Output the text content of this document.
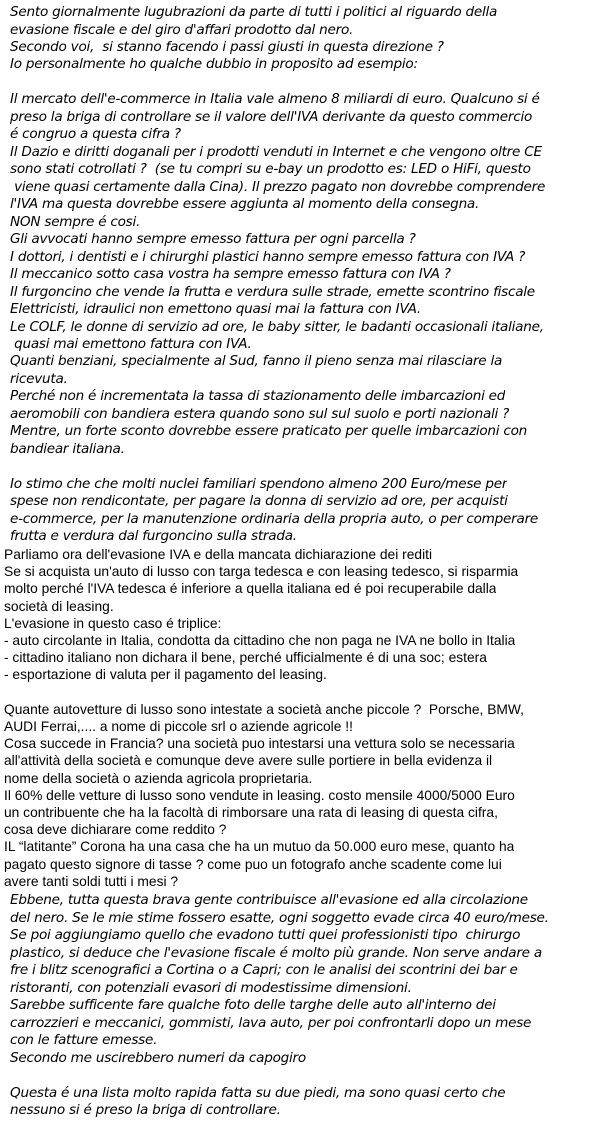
Sento giornalmente lugubrazioni da parte di tutti i politici al riguardo della
evasione fiscale e del giro d'affari prodotto dal nero.
Secondo voi,  si stanno facendo i passi giusti in questa direzione ?
Io personalmente ho qualche dubbio in proposito ad esempio:
Il mercato dell'e-commerce in Italia vale almeno 8 miliardi di euro. Qualcuno si é
preso la briga di controllare se il valore dell'IVA derivante da questo commercio
é congruo a questa cifra ?
Il Dazio e diritti doganali per i prodotti venduti in Internet e che vengono oltre CE
sono stati cotrollati ?  (se tu compri su e-bay un prodotto es: LED o HiFi, questo
viene quasi certamente dalla Cina). Il prezzo pagato non dovrebbe comprendere
l'IVA ma questa dovrebbe essere aggiunta al momento della consegna.
NON sempre é cosi.
Gli avvocati hanno sempre emesso fattura per ogni parcella ?
I dottori, i dentisti e i chirurghi plastici hanno sempre emesso fattura con IVA ?
Il meccanico sotto casa vostra ha sempre emesso fattura con IVA ?
Il furgoncino che vende la frutta e verdura sulle strade, emette scontrino fiscale
Elettricisti, idraulici non emettono quasi mai la fattura con IVA.
Le COLF, le donne di servizio ad ore, le baby sitter, le badanti occasionali italiane,
quasi mai emettono fattura con IVA.
Quanti benziani, specialmente al Sud, fanno il pieno senza mai rilasciare la
ricevuta.
Perché non é incrementata la tassa di stazionamento delle imbarcazioni ed
aeromobili con bandiera estera quando sono sul sul suolo e porti nazionali ?
Mentre, un forte sconto dovrebbe essere praticato per quelle imbarcazioni con
bandiear italiana.
Io stimo che che molti nuclei familiari spendono almeno 200 Euro/mese per
spese non rendicontate, per pagare la donna di servizio ad ore, per acquisti
e-commerce, per la manutenzione ordinaria della propria auto, o per comperare
frutta e verdura dal furgoncino sulla strada.
Parliamo ora dell'evasione IVA e della mancata dichiarazione dei rediti
Se si acquista un'auto di lusso con targa tedesca e con leasing tedesco, si risparmia
molto perché l'IVA tedesca é inferiore a quella italiana ed é poi recuperabile dalla
società di leasing.
L'evasione in questo caso é triplice:
- auto circolante in Italia, condotta da cittadino che non paga ne IVA ne bollo in Italia
- cittadino italiano non dichara il bene, perché ufficialmente é di una soc; estera
- esportazione di valuta per il pagamento del leasing.
Quante autovetture di lusso sono intestate a società anche piccole ?  Porsche, BMW,
AUDI Ferrai,.... a nome di piccole srl o aziende agricole !!
Cosa succede in Francia? una società puo intestarsi una vettura solo se necessaria
all'attività della società e comunque deve avere sulle portiere in bella evidenza il
nome della società o azienda agricola proprietaria.
Il 60% delle vetture di lusso sono vendute in leasing. costo mensile 4000/5000 Euro
un contribuente che ha la facoltà di rimborsare una rata di leasing di questa cifra,
cosa deve dichiarare come reddito ?
IL “latitante” Corona ha una casa che ha un mutuo da 50.000 euro mese, quanto ha
pagato questo signore di tasse ? come puo un fotografo anche scadente come lui
avere tanti soldi tutti i mesi ?
Ebbene, tutta questa brava gente contribuisce all'evasione ed alla circolazione
del nero. Se le mie stime fossero esatte, ogni soggetto evade circa 40 euro/mese.
Se poi aggiungiamo quello che evadono tutti quei professionisti tipo  chirurgo
plastico, si deduce che l'evasione fiscale é molto più grande. Non serve andare a
fre i blitz scenografici a Cortina o a Capri; con le analisi dei scontrini dei bar e
ristoranti, con potenziali evasori di modestissime dimensioni.
Sarebbe sufficente fare qualche foto delle targhe delle auto all'interno dei
carrozzieri e meccanici, gommisti, lava auto, per poi confrontarli dopo un mese
con le fatture emesse.
Secondo me uscirebbero numeri da capogiro
Questa é una lista molto rapida fatta su due piedi, ma sono quasi certo che
nessuno si é preso la briga di controllare.
